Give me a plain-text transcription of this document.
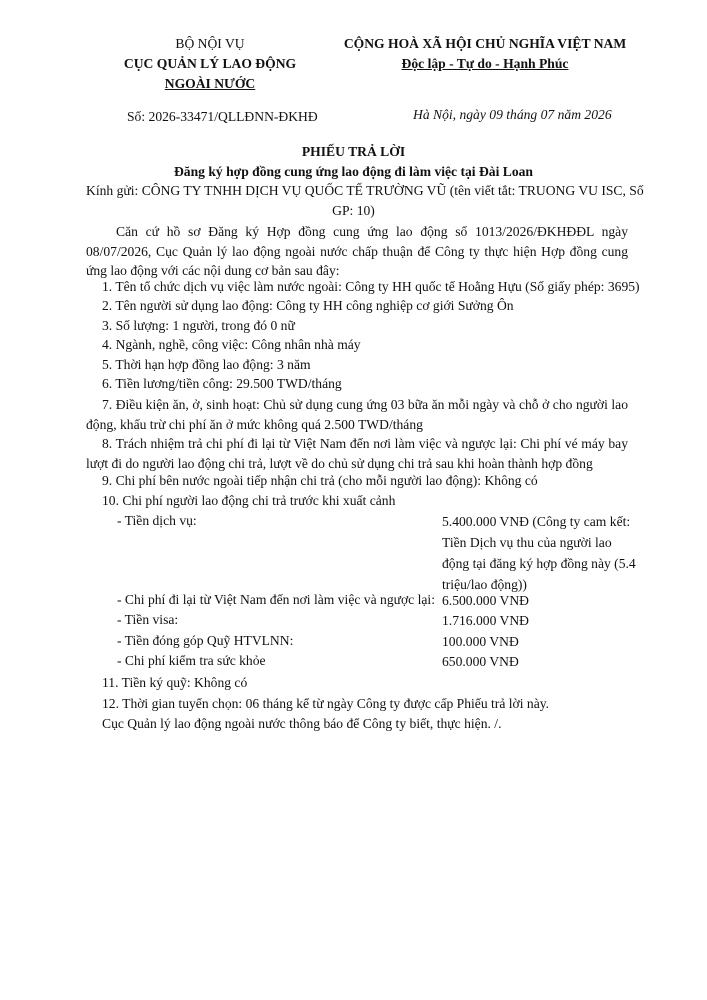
BỘ NỘI VỤ
CỤC QUẢN LÝ LAO ĐỘNG
NGOÀI NƯỚC
CỘNG HOÀ XÃ HỘI CHỦ NGHĨA VIỆT NAM
Độc lập - Tự do - Hạnh Phúc
Số: 2026-33471/QLLĐNN-ĐKHĐ	Hà Nội, ngày 09 tháng 07 năm 2026
PHIẾU TRẢ LỜI
Đăng ký hợp đồng cung ứng lao động đi làm việc tại Đài Loan
Kính gửi: CÔNG TY TNHH DỊCH VỤ QUỐC TẾ TRƯỜNG VŨ (tên viết tắt: TRUONG VU ISC, Số
GP: 10)
Căn cứ hồ sơ Đăng ký Hợp đồng cung ứng lao động số 1013/2026/ĐKHĐĐL ngày 08/07/2026, Cục Quản lý lao động ngoài nước chấp thuận để Công ty thực hiện Hợp đồng cung ứng lao động với các nội dung cơ bản sau đây:
1. Tên tổ chức dịch vụ việc làm nước ngoài: Công ty HH quốc tế Hoằng Hựu (Số giấy phép: 3695)
2. Tên người sử dụng lao động: Công ty HH công nghiệp cơ giới Sưởng Ôn
3. Số lượng: 1 người, trong đó 0 nữ
4. Ngành, nghề, công việc: Công nhân nhà máy
5. Thời hạn hợp đồng lao động: 3 năm
6. Tiền lương/tiền công: 29.500 TWD/tháng
7. Điều kiện ăn, ở, sinh hoạt: Chủ sử dụng cung ứng 03 bữa ăn mỗi ngày và chỗ ở cho người lao động, khấu trừ chi phí ăn ở mức không quá 2.500 TWD/tháng
8. Trách nhiệm trả chi phí đi lại từ Việt Nam đến nơi làm việc và ngược lại: Chi phí vé máy bay lượt đi do người lao động chi trả, lượt về do chủ sử dụng chi trả sau khi hoàn thành hợp đồng
9. Chi phí bên nước ngoài tiếp nhận chi trả (cho mỗi người lao động): Không có
10. Chi phí người lao động chi trả trước khi xuất cảnh
- Tiền dịch vụ:	5.400.000 VNĐ (Công ty cam kết: Tiền Dịch vụ thu của người lao động tại đăng ký hợp đồng này (5.4 triệu/lao động))
- Chi phí đi lại từ Việt Nam đến nơi làm việc và ngược lại: 6.500.000 VNĐ
- Tiền visa:	1.716.000 VNĐ
- Tiền đóng góp Quỹ HTVLNN:	100.000 VNĐ
- Chi phí kiểm tra sức khỏe	650.000 VNĐ
11. Tiền ký quỹ: Không có
12. Thời gian tuyển chọn: 06 tháng kể từ ngày Công ty được cấp Phiếu trả lời này.
Cục Quản lý lao động ngoài nước thông báo để Công ty biết, thực hiện. /.
